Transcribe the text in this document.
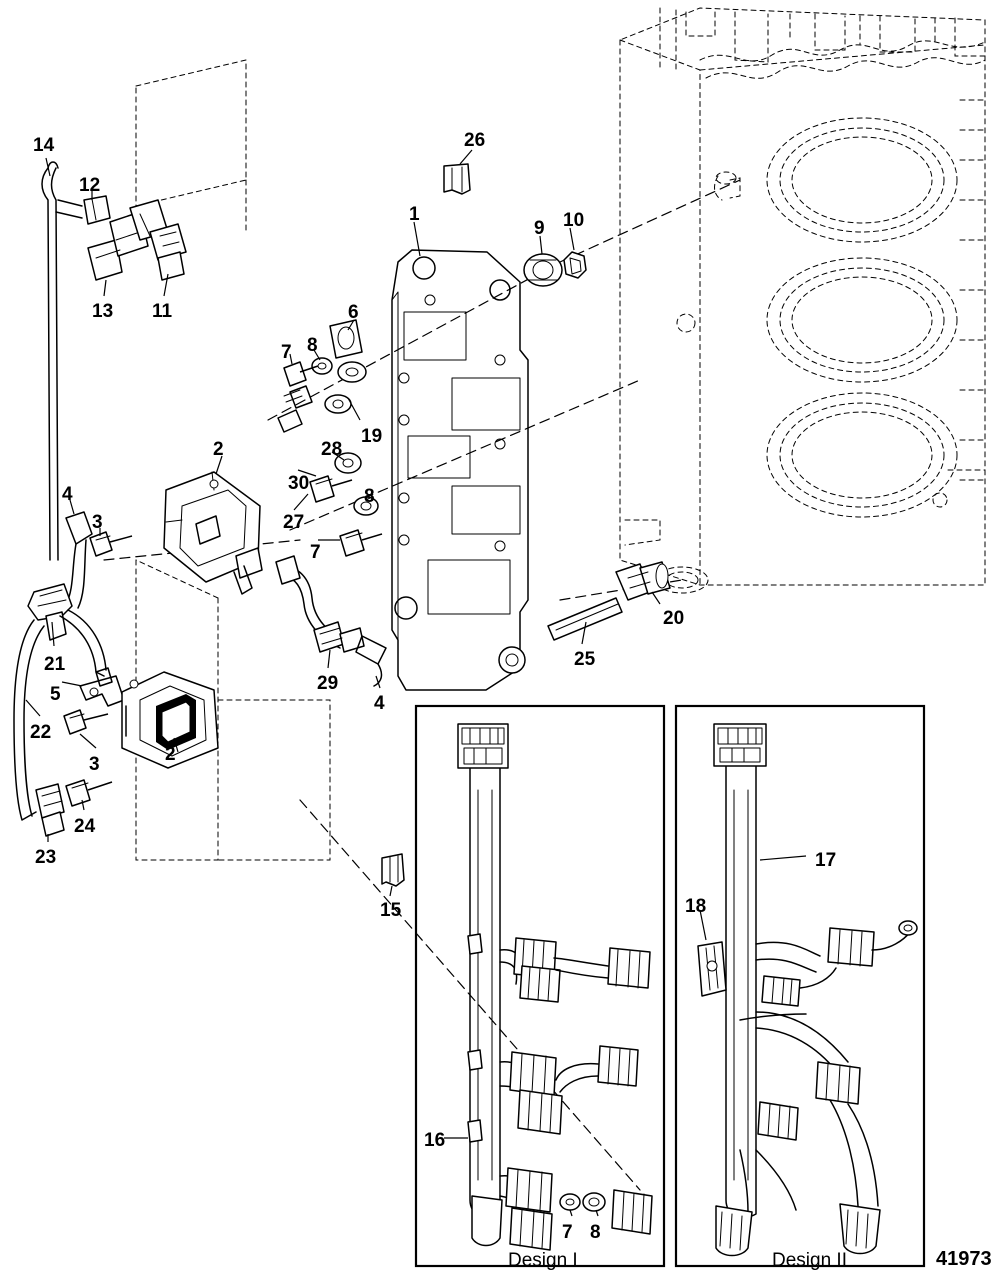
14
12
13 11
26
1
9 10
6
7 8
19
2	28
30
8
27
7
4
3
21
5
22
3	2
24
23
29
4
20
25
15
16
7 8
17
18
Design I	Design II	41973
